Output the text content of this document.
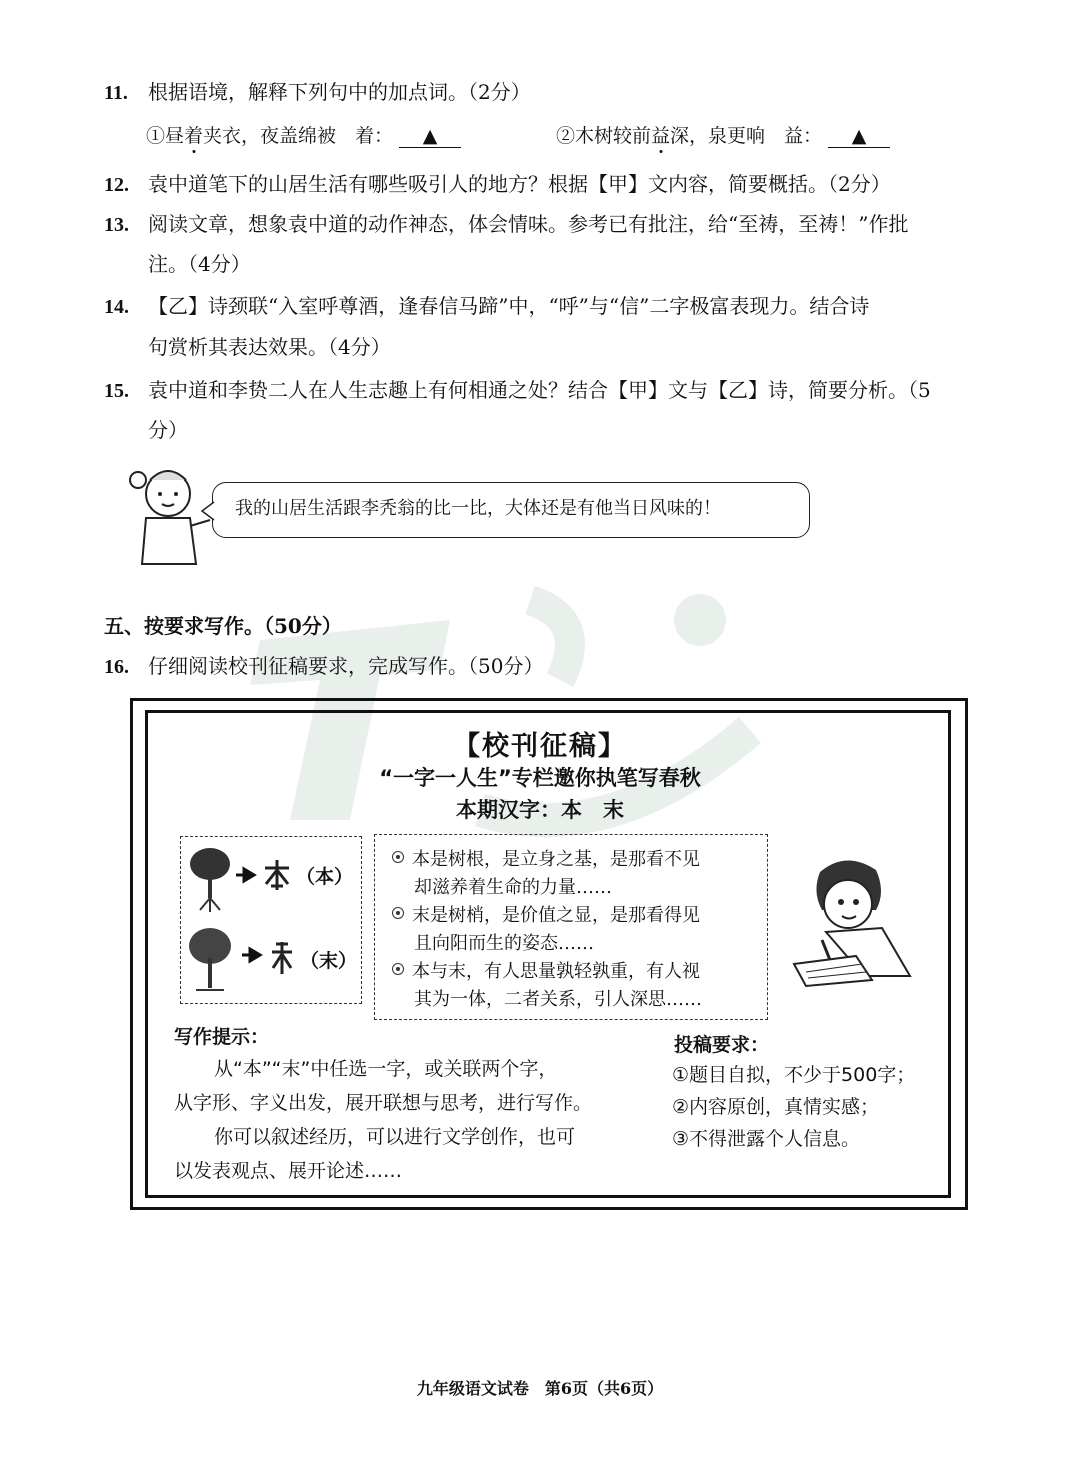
11. 根据语境，解释下列句中的加点词。（2分）
①昼着夹衣，夜盖绵被　着： ▲	②木树较前益深，泉更响　益： ▲
12. 袁中道笔下的山居生活有哪些吸引人的地方？根据【甲】文内容，简要概括。（2分）
13. 阅读文章，想象袁中道的动作神态，体会情味。参考已有批注，给“至祷，至祷！”作批
注。（4分）
14. 【乙】诗颈联“入室呼尊酒，逢春信马蹄”中，“呼”与“信”二字极富表现力。结合诗
句赏析其表达效果。（4分）
15. 袁中道和李贽二人在人生志趣上有何相通之处？结合【甲】文与【乙】诗，简要分析。（5
分）
我的山居生活跟李秃翁的比一比，大体还是有他当日风味的！
五、按要求写作。（50分）
16. 仔细阅读校刊征稿要求，完成写作。（50分）
【校刊征稿】
“一字一人生”专栏邀你执笔写春秋
本期汉字：本　末
（本）
（末）
本是树根，是立身之基，是那看不见
却滋养着生命的力量……
末是树梢，是价值之显，是那看得见
且向阳而生的姿态……
本与末，有人思量孰轻孰重，有人视
其为一体，二者关系，引人深思……
写作提示：
从“本”“末”中任选一字，或关联两个字，
从字形、字义出发，展开联想与思考，进行写作。
你可以叙述经历，可以进行文学创作，也可
以发表观点、展开论述……
投稿要求：
①题目自拟，不少于500字；
②内容原创，真情实感；
③不得泄露个人信息。
九年级语文试卷　第6页（共6页）
